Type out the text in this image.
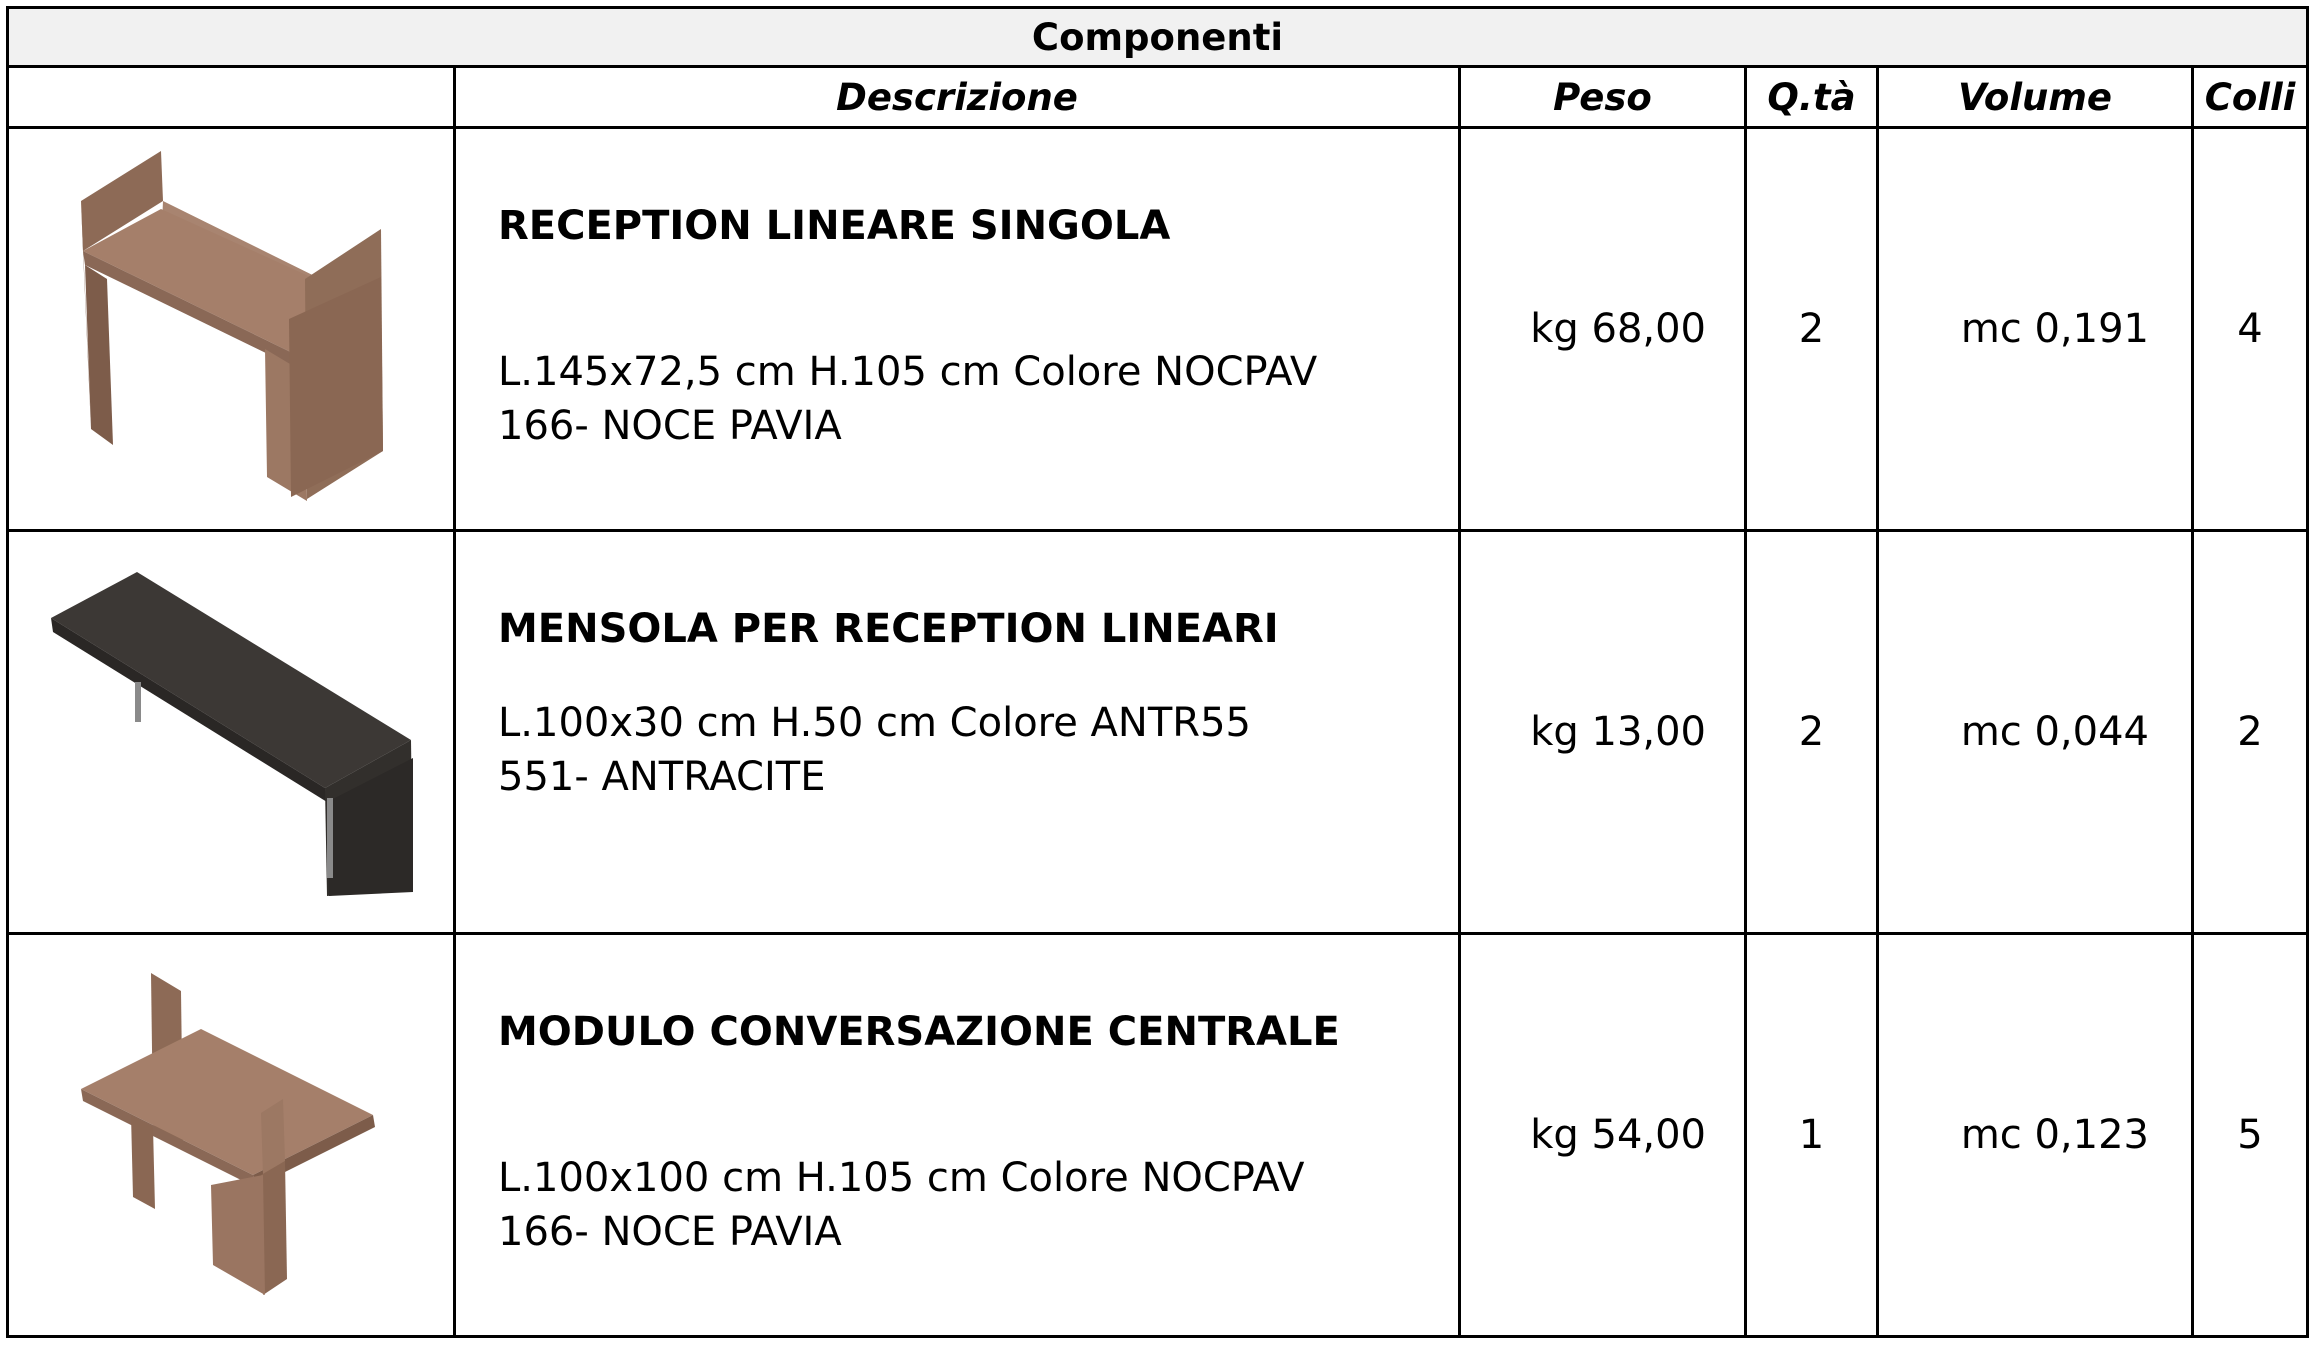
Componenti					
	Descrizione	Peso	Q.tà	Volume	Colli

RECEPTION LINEARE SINGOLA
L.145x72,5 cm H.105 cm Colore NOCPAV
166- NOCE PAVIA	kg 68,00	2	mc 0,191	4

MENSOLA PER RECEPTION LINEARI
L.100x30 cm H.50 cm Colore ANTR55
551- ANTRACITE	kg 13,00	2	mc 0,044	2

MODULO CONVERSAZIONE CENTRALE
L.100x100 cm H.105 cm Colore NOCPAV
166- NOCE PAVIA	kg 54,00	1	mc 0,123	5
